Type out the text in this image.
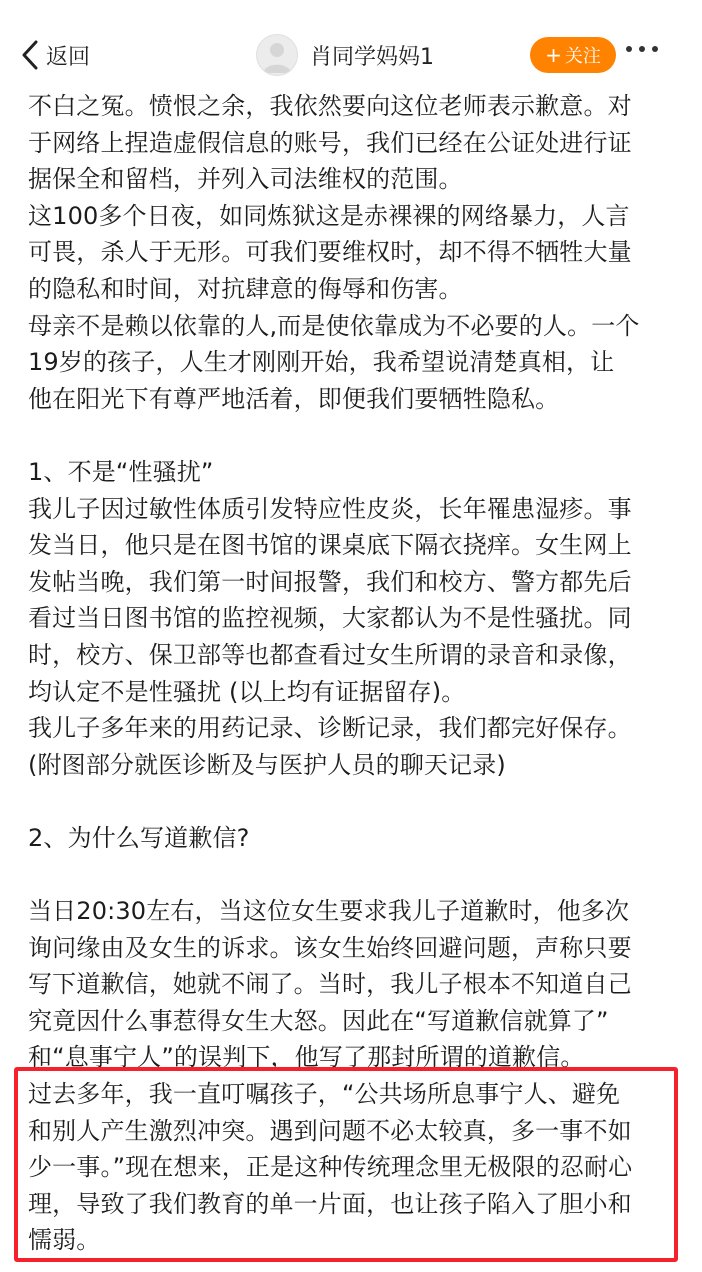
返回	肖同学妈妈1	+ 关注
不白之冤。愤恨之余，我依然要向这位老师表示歉意。对
于网络上捏造虚假信息的账号，我们已经在公证处进行证
据保全和留档，并列入司法维权的范围。
这100多个日夜，如同炼狱这是赤裸裸的网络暴力，人言
可畏，杀人于无形。可我们要维权时，却不得不牺牲大量
的隐私和时间，对抗肆意的侮辱和伤害。
母亲不是赖以依靠的人,而是使依靠成为不必要的人。一个
19岁的孩子，人生才刚刚开始，我希望说清楚真相，让
他在阳光下有尊严地活着，即便我们要牺牲隐私。
1、不是“性骚扰”
我儿子因过敏性体质引发特应性皮炎，长年罹患湿疹。事
发当日，他只是在图书馆的课桌底下隔衣挠痒。女生网上
发帖当晚，我们第一时间报警，我们和校方、警方都先后
看过当日图书馆的监控视频，大家都认为不是性骚扰。同
时，校方、保卫部等也都查看过女生所谓的录音和录像，
均认定不是性骚扰 (以上均有证据留存)。
我儿子多年来的用药记录、诊断记录，我们都完好保存。
(附图部分就医诊断及与医护人员的聊天记录)
2、为什么写道歉信?
当日20:30左右，当这位女生要求我儿子道歉时，他多次
询问缘由及女生的诉求。该女生始终回避问题，声称只要
写下道歉信，她就不闹了。当时，我儿子根本不知道自己
究竟因什么事惹得女生大怒。因此在“写道歉信就算了”
和“息事宁人”的误判下，他写了那封所谓的道歉信。
过去多年，我一直叮嘱孩子，“公共场所息事宁人、避免
和别人产生激烈冲突。遇到问题不必太较真，多一事不如
少一事。”现在想来，正是这种传统理念里无极限的忍耐心
理，导致了我们教育的单一片面，也让孩子陷入了胆小和
懦弱。
